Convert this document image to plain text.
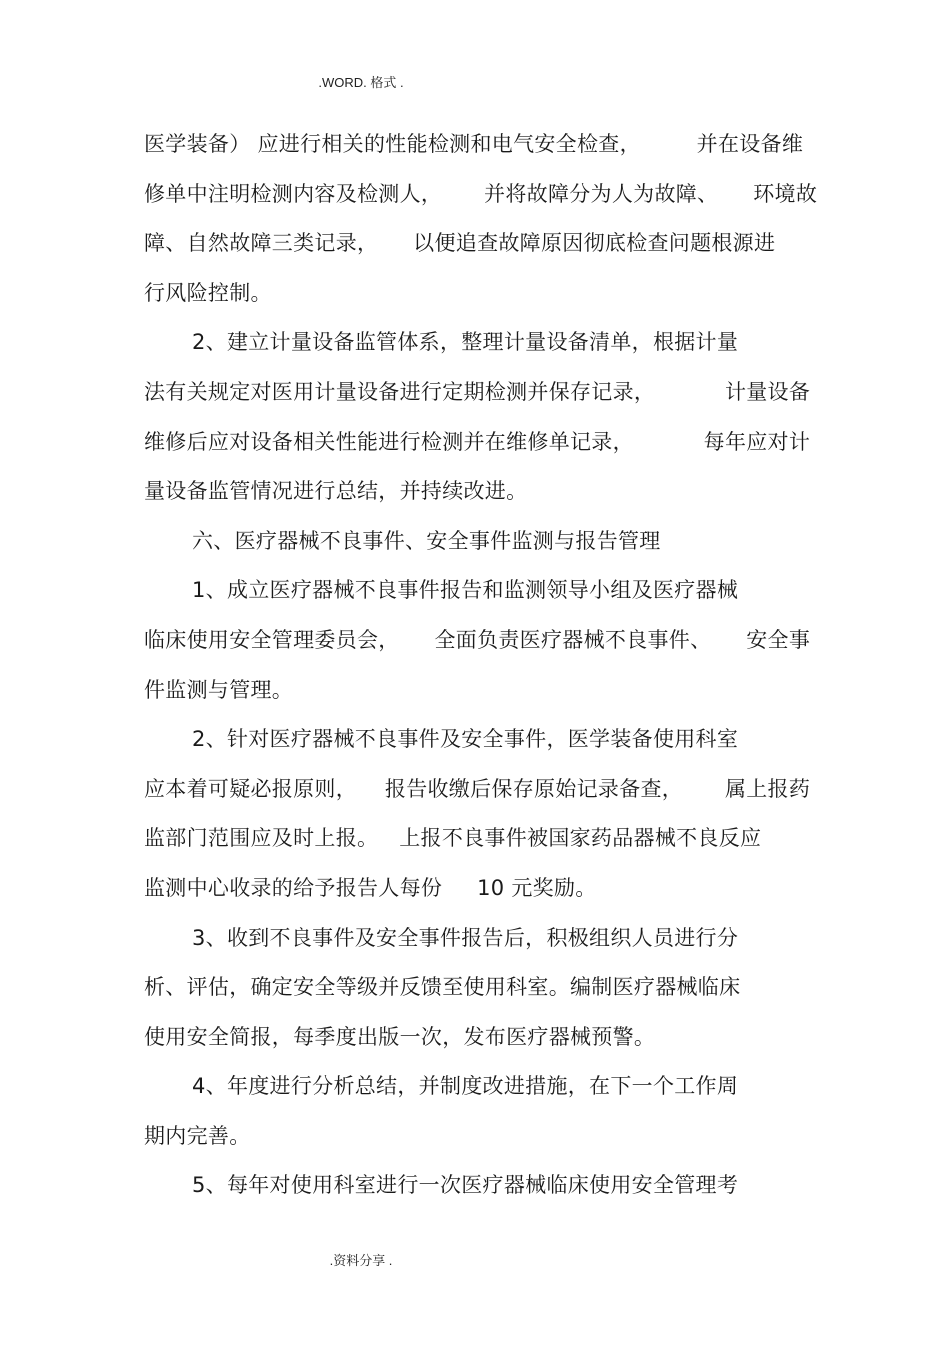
.WORD. 格式 .
医学装备） 应进行相关的性能检测和电气安全检查，        并在设备维
修单中注明检测内容及检测人，      并将故障分为人为故障、     环境故
障、自然故障三类记录，     以便追查故障原因彻底检查问题根源进
行风险控制。
2、建立计量设备监管体系，整理计量设备清单，根据计量
法有关规定对医用计量设备进行定期检测并保存记录，          计量设备
维修后应对设备相关性能进行检测并在维修单记录，          每年应对计
量设备监管情况进行总结，并持续改进。
六、医疗器械不良事件、安全事件监测与报告管理
1、成立医疗器械不良事件报告和监测领导小组及医疗器械
临床使用安全管理委员会，     全面负责医疗器械不良事件、     安全事
件监测与管理。
2、针对医疗器械不良事件及安全事件，医学装备使用科室
应本着可疑必报原则，    报告收缴后保存原始记录备查，      属上报药
监部门范围应及时上报。   上报不良事件被国家药品器械不良反应
监测中心收录的给予报告人每份     10 元奖励。
3、收到不良事件及安全事件报告后，积极组织人员进行分
析、评估，确定安全等级并反馈至使用科室。编制医疗器械临床
使用安全简报，每季度出版一次，发布医疗器械预警。
4、年度进行分析总结，并制度改进措施，在下一个工作周
期内完善。
5、每年对使用科室进行一次医疗器械临床使用安全管理考
.资料分享 .
